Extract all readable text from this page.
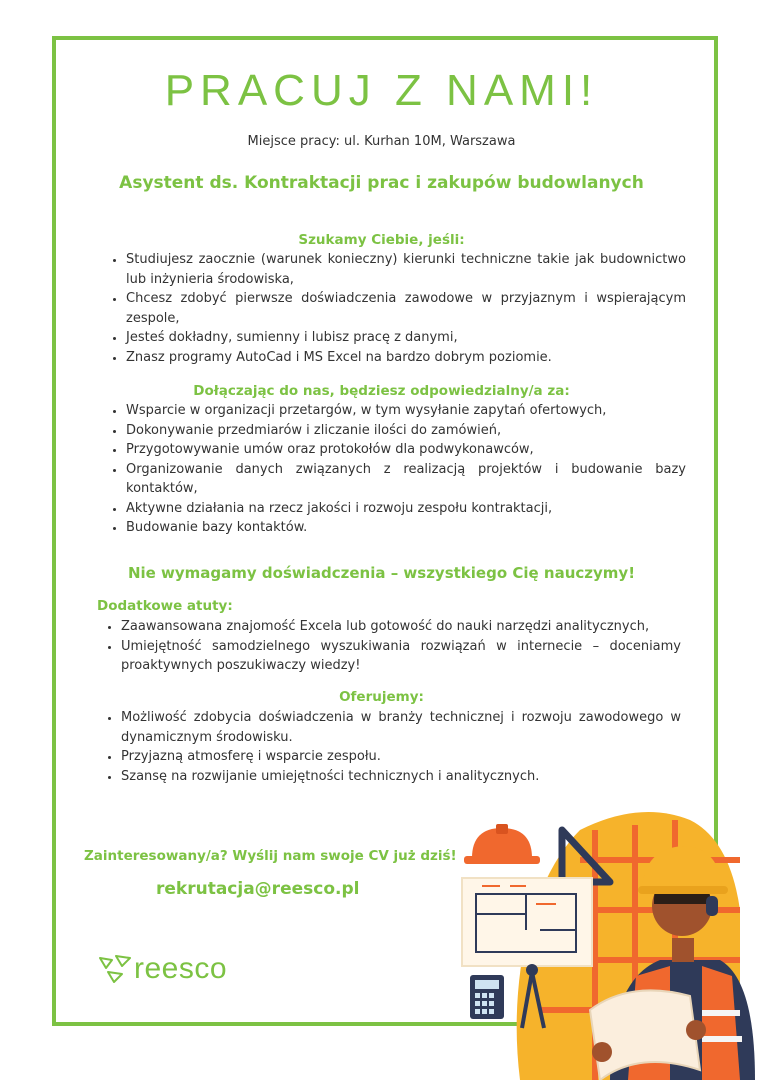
PRACUJ Z NAMI!
Miejsce pracy: ul. Kurhan 10M, Warszawa
Asystent ds. Kontraktacji prac i zakupów budowlanych
Szukamy Ciebie, jeśli:
• Studiujesz zaocznie (warunek konieczny) kierunki techniczne takie jak budownictwo lub inżynieria środowiska,
• Chcesz zdobyć pierwsze doświadczenia zawodowe w przyjaznym i wspierającym zespole,
• Jesteś dokładny, sumienny i lubisz pracę z danymi,
• Znasz programy AutoCad i MS Excel na bardzo dobrym poziomie.
Dołączając do nas, będziesz odpowiedzialny/a za:
• Wsparcie w organizacji przetargów, w tym wysyłanie zapytań ofertowych,
• Dokonywanie przedmiarów i zliczanie ilości do zamówień,
• Przygotowywanie umów oraz protokołów dla podwykonawców,
• Organizowanie danych związanych z realizacją projektów i budowanie bazy kontaktów,
• Aktywne działania na rzecz jakości i rozwoju zespołu kontraktacji,
• Budowanie bazy kontaktów.
Nie wymagamy doświadczenia – wszystkiego Cię nauczymy!
Dodatkowe atuty:
• Zaawansowana znajomość Excela lub gotowość do nauki narzędzi analitycznych,
• Umiejętność samodzielnego wyszukiwania rozwiązań w internecie – doceniamy proaktywnych poszukiwaczy wiedzy!
Oferujemy:
• Możliwość zdobycia doświadczenia w branży technicznej i rozwoju zawodowego w dynamicznym środowisku.
• Przyjazną atmosferę i wsparcie zespołu.
• Szansę na rozwijanie umiejętności technicznych i analitycznych.
Zainteresowany/a? Wyślij nam swoje CV już dziś!
rekrutacja@reesco.pl
reesco
